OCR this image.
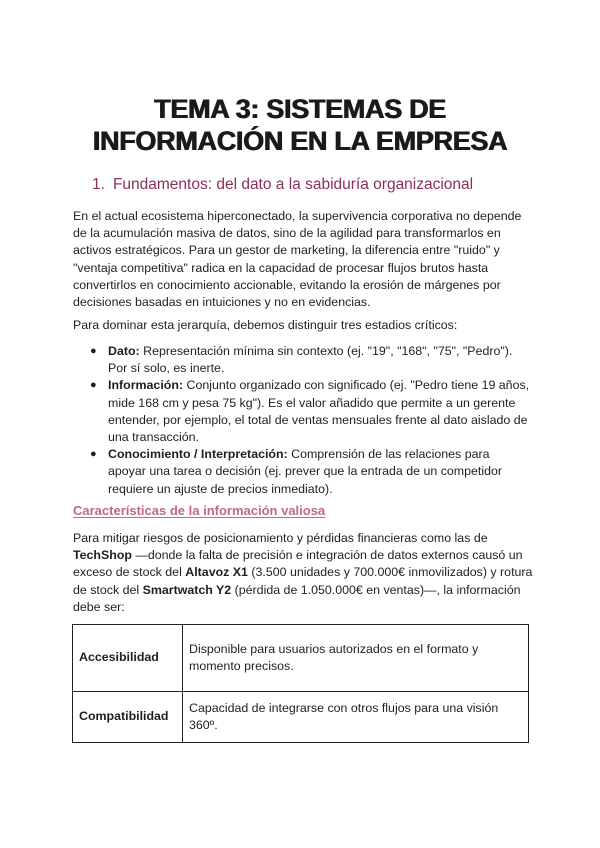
TEMA 3: SISTEMAS DE
INFORMACIÓN EN LA EMPRESA
1. Fundamentos: del dato a la sabiduría organizacional
En el actual ecosistema hiperconectado, la supervivencia corporativa no depende de la acumulación masiva de datos, sino de la agilidad para transformarlos en activos estratégicos. Para un gestor de marketing, la diferencia entre "ruido" y "ventaja competitiva" radica en la capacidad de procesar flujos brutos hasta convertirlos en conocimiento accionable, evitando la erosión de márgenes por decisiones basadas en intuiciones y no en evidencias.
Para dominar esta jerarquía, debemos distinguir tres estadios críticos:
● Dato: Representación mínima sin contexto (ej. "19", "168", "75", "Pedro"). Por sí solo, es inerte.
● Información: Conjunto organizado con significado (ej. "Pedro tiene 19 años, mide 168 cm y pesa 75 kg"). Es el valor añadido que permite a un gerente entender, por ejemplo, el total de ventas mensuales frente al dato aislado de una transacción.
● Conocimiento / Interpretación: Comprensión de las relaciones para apoyar una tarea o decisión (ej. prever que la entrada de un competidor requiere un ajuste de precios inmediato).
Características de la información valiosa
Para mitigar riesgos de posicionamiento y pérdidas financieras como las de TechShop —donde la falta de precisión e integración de datos externos causó un exceso de stock del Altavoz X1 (3.500 unidades y 700.000€ inmovilizados) y rotura de stock del Smartwatch Y2 (pérdida de 1.050.000€ en ventas)—, la información debe ser:
Accesibilidad	Disponible para usuarios autorizados en el formato y momento precisos.
Compatibilidad	Capacidad de integrarse con otros flujos para una visión 360º.
